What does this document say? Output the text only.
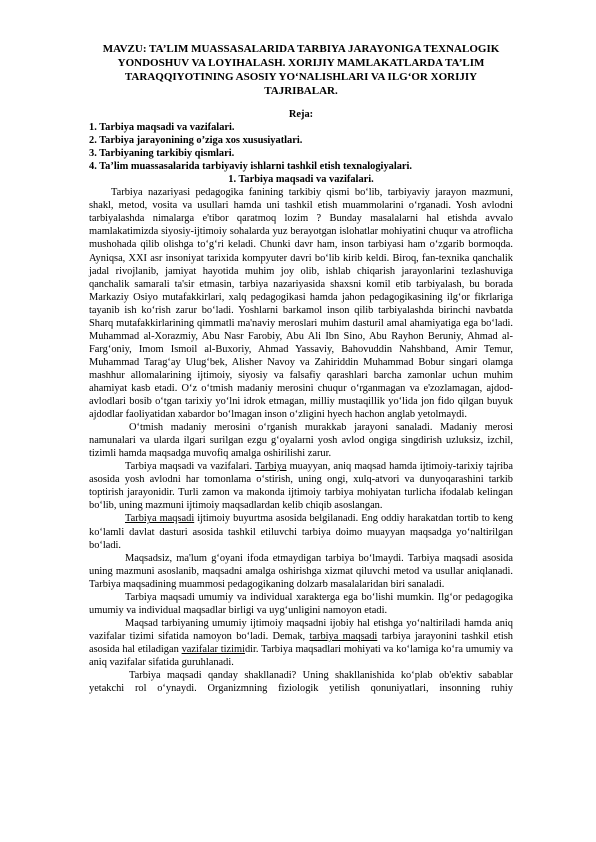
MAVZU: TA’LIM MUASSASALARIDA TARBIYA JARAYONIGA TEXNALOGIK YONDOSHUV VA LOYIHALASH. XORIJIY MAMLAKATLARDA TA’LIM TARAQQIYOTINING ASOSIY YO‘NALISHLARI VA ILG‘OR XORIJIY TAJRIBALAR.
Reja:
1. Tarbiya maqsadi va vazifalari.
2. Tarbiya jarayonining o’ziga xos xususiyatlari.
3. Tarbiyaning tarkibiy qismlari.
4. Ta’lim muassasalarida tarbiyaviy ishlarni tashkil etish texnalogiyalari.
1. Tarbiya maqsadi va vazifalari.

Tarbiya nazariyasi pedagogika fanining tarkibiy qismi bo‘lib, tarbiyaviy jarayon mazmuni, shakl, metod, vosita va usullari hamda uni tashkil etish muammolarini o‘rganadi. Yosh avlodni tarbiyalashda nimalarga e'tibor qaratmoq lozim ? Bunday masalalarni hal etishda avvalo mamlakatimizda siyosiy-ijtimoiy sohalarda yuz berayotgan islohatlar mohiyatini chuqur va atroflicha mushohada qilib olishga to‘g‘ri keladi. Chunki davr ham, inson tarbiyasi ham o‘zgarib bormoqda. Ayniqsa, XXI asr insoniyat tarixida kompyuter davri bo‘lib kirib keldi. Biroq, fan-texnika qanchalik jadal rivojlanib, jamiyat hayotida muhim joy olib, ishlab chiqarish jarayonlarini tezlashuviga qanchalik samarali ta'sir etmasin, tarbiya nazariyasida shaxsni komil etib tarbiyalash, bu borada Markaziy Osiyo mutafakkirlari, xalq pedagogikasi hamda jahon pedagogikasining ilg‘or fikrlariga tayanib ish ko‘rish zarur bo‘ladi. Yoshlarni barkamol inson qilib tarbiyalashda birinchi navbatda Sharq mutafakkirlarining qimmatli ma'naviy meroslari muhim dasturil amal ahamiyatiga ega bo‘ladi. Muhammad al-Xorazmiy, Abu Nasr Farobiy, Abu Ali Ibn Sino, Abu Rayhon Beruniy, Ahmad al-Farg‘oniy, Imom Ismoil al-Buxoriy, Ahmad Yassaviy, Bahovuddin Nahshband, Amir Temur, Muhammad Tarag‘ay Ulug‘bek, Alisher Navoy va Zahiriddin Muhammad Bobur singari olamga mashhur allomalarining ijtimoiy, siyosiy va falsafiy qarashlari barcha zamonlar uchun muhim ahamiyat kasb etadi. O‘z o‘tmish madaniy merosini chuqur o‘rganmagan va e'zozlamagan, ajdod-avlodlari bosib o‘tgan tarixiy yo‘lni idrok etmagan, milliy mustaqillik yo‘lida jon fido qilgan buyuk ajdodlar faoliyatidan xabardor bo‘lmagan inson o‘zligini hyech hachon anglab yetolmaydi.

O‘tmish madaniy merosini o‘rganish murakkab jarayoni sanaladi. Madaniy merosi namunalari va ularda ilgari surilgan ezgu g‘oyalarni yosh avlod ongiga singdirish uzluksiz, izchil, tizimli hamda maqsadga muvofiq amalga oshirilishi zarur.

Tarbiya maqsadi va vazifalari. Tarbiya muayyan, aniq maqsad hamda ijtimoiy-tarixiy tajriba asosida yosh avlodni har tomonlama o‘stirish, uning ongi, xulq-atvori va dunyoqarashini tarkib toptirish jarayonidir. Turli zamon va makonda ijtimoiy tarbiya mohiyatan turlicha ifodalab kelingan bo‘lib, uning mazmuni ijtimoiy maqsadlardan kelib chiqib asoslangan.

Tarbiya maqsadi ijtimoiy buyurtma asosida belgilanadi. Eng oddiy harakatdan tortib to keng ko‘lamli davlat dasturi asosida tashkil etiluvchi tarbiya doimo muayyan maqsadga yo‘naltirilgan bo‘ladi.

Maqsadsiz, ma'lum g‘oyani ifoda etmaydigan tarbiya bo‘lmaydi. Tarbiya maqsadi asosida uning mazmuni asoslanib, maqsadni amalga oshirishga xizmat qiluvchi metod va usullar aniqlanadi. Tarbiya maqsadining muammosi pedagogikaning dolzarb masalalaridan biri sanaladi.

Tarbiya maqsadi umumiy va individual xarakterga ega bo‘lishi mumkin. Ilg‘or pedagogika umumiy va individual maqsadlar birligi va uyg‘unligini namoyon etadi.

Maqsad tarbiyaning umumiy ijtimoiy maqsadni ijobiy hal etishga yo‘naltiriladi hamda aniq vazifalar tizimi sifatida namoyon bo‘ladi. Demak, tarbiya maqsadi tarbiya jarayonini tashkil etish asosida hal etiladigan vazifalar tizimidir. Tarbiya maqsadlari mohiyati va ko‘lamiga ko‘ra umumiy va aniq vazifalar sifatida guruhlanadi.

Tarbiya maqsadi qanday shakllanadi? Uning shakllanishida ko‘plab ob'ektiv sabablar yetakchi rol o‘ynaydi. Organizmning fiziologik yetilish qonuniyatlari, insonning ruhiy
